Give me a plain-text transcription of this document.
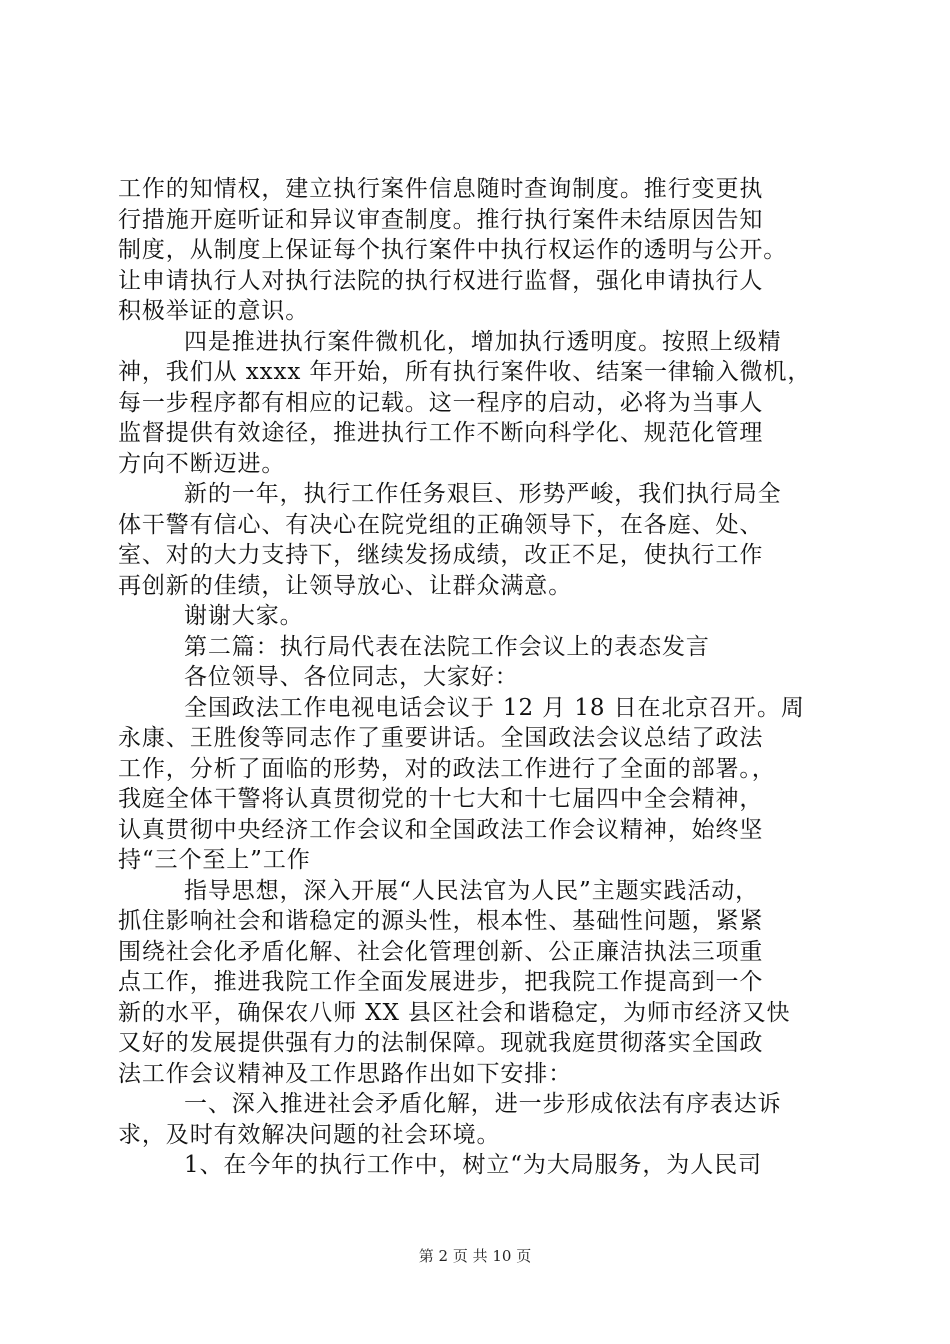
工作的知情权，建立执行案件信息随时查询制度。推行变更执
行措施开庭听证和异议审查制度。推行执行案件未结原因告知
制度，从制度上保证每个执行案件中执行权运作的透明与公开。
让申请执行人对执行法院的执行权进行监督，强化申请执行人
积极举证的意识。
四是推进执行案件微机化，增加执行透明度。按照上级精
神，我们从 xxxx 年开始，所有执行案件收、结案一律输入微机，
每一步程序都有相应的记载。这一程序的启动，必将为当事人
监督提供有效途径，推进执行工作不断向科学化、规范化管理
方向不断迈进。
新的一年，执行工作任务艰巨、形势严峻，我们执行局全
体干警有信心、有决心在院党组的正确领导下，在各庭、处、
室、对的大力支持下，继续发扬成绩，改正不足，使执行工作
再创新的佳绩，让领导放心、让群众满意。
谢谢大家。
第二篇：执行局代表在法院工作会议上的表态发言
各位领导、各位同志，大家好：
全国政法工作电视电话会议于 12 月 18 日在北京召开。周
永康、王胜俊等同志作了重要讲话。全国政法会议总结了政法
工作，分析了面临的形势，对的政法工作进行了全面的部署。，
我庭全体干警将认真贯彻党的十七大和十七届四中全会精神，
认真贯彻中央经济工作会议和全国政法工作会议精神，始终坚
持“三个至上”工作
指导思想，深入开展“人民法官为人民”主题实践活动，
抓住影响社会和谐稳定的源头性，根本性、基础性问题，紧紧
围绕社会化矛盾化解、社会化管理创新、公正廉洁执法三项重
点工作，推进我院工作全面发展进步，把我院工作提高到一个
新的水平，确保农八师 XX 县区社会和谐稳定，为师市经济又快
又好的发展提供强有力的法制保障。现就我庭贯彻落实全国政
法工作会议精神及工作思路作出如下安排：
一、深入推进社会矛盾化解，进一步形成依法有序表达诉
求，及时有效解决问题的社会环境。
1、在今年的执行工作中，树立“为大局服务，为人民司
第 2 页 共 10 页
